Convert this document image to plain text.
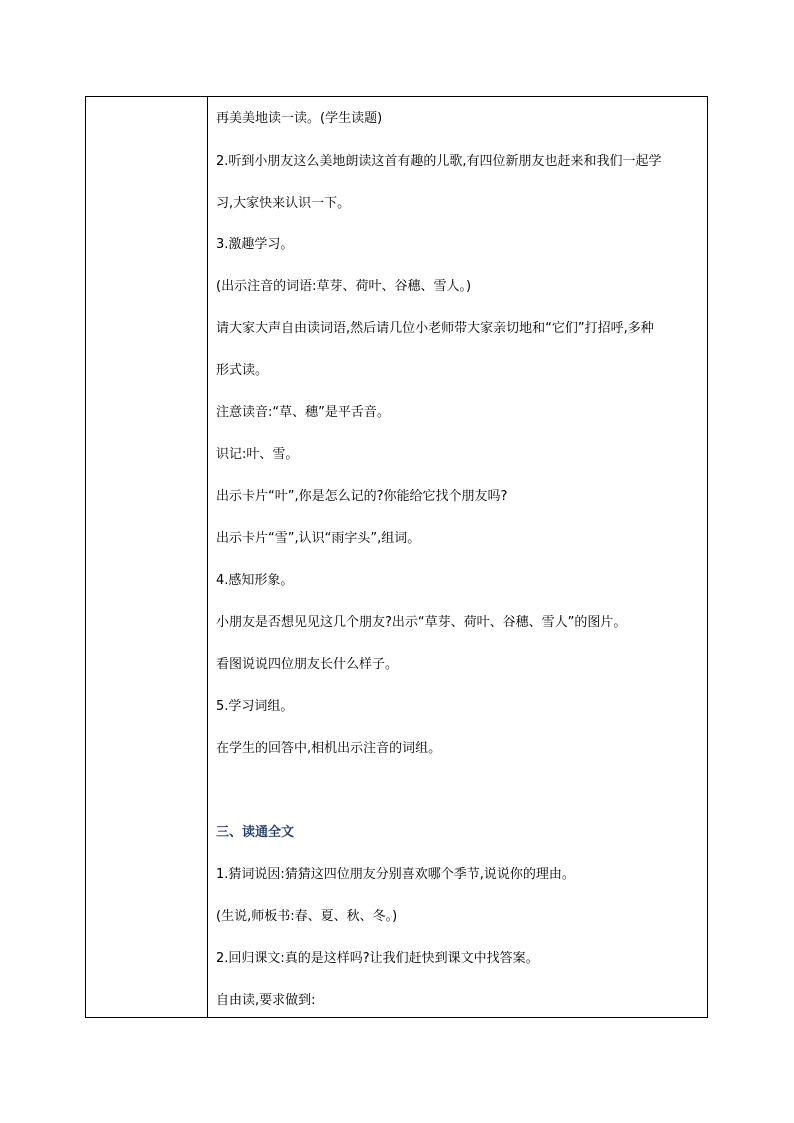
再美美地读一读。(学生读题)
2.听到小朋友这么美地朗读这首有趣的儿歌,有四位新朋友也赶来和我们一起学
习,大家快来认识一下。
3.激趣学习。
(出示注音的词语:草芽、荷叶、谷穗、雪人。)
请大家大声自由读词语,然后请几位小老师带大家亲切地和“它们”打招呼,多种
形式读。
注意读音:“草、穗”是平舌音。
识记:叶、雪。
出示卡片“叶”,你是怎么记的?你能给它找个朋友吗?
出示卡片“雪”,认识“雨字头”,组词。
4.感知形象。
小朋友是否想见见这几个朋友?出示“草芽、荷叶、谷穗、雪人”的图片。
看图说说四位朋友长什么样子。
5.学习词组。
在学生的回答中,相机出示注音的词组。
三、读通全文
1.猜词说因:猜猜这四位朋友分别喜欢哪个季节,说说你的理由。
(生说,师板书:春、夏、秋、冬。)
2.回归课文:真的是这样吗?让我们赶快到课文中找答案。
自由读,要求做到:
